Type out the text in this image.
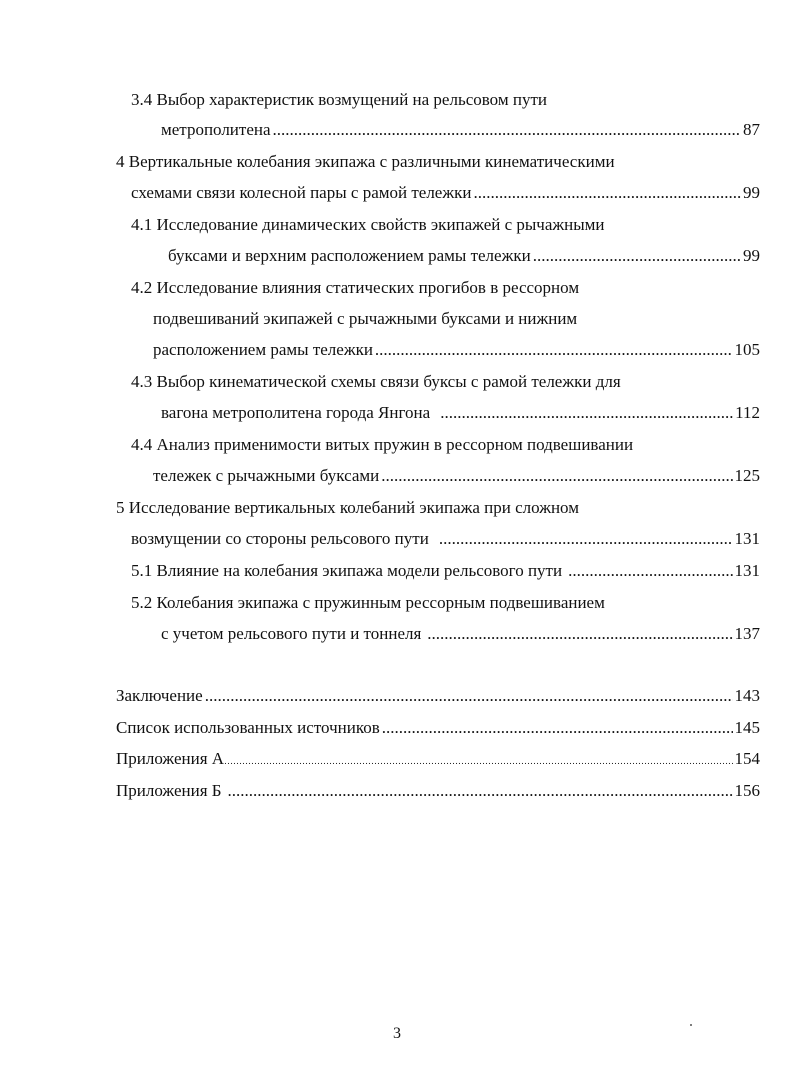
3.4 Выбор характеристик возмущений на рельсовом пути
метрополитена .....	87
4 Вертикальные колебания экипажа с различными кинематическими
схемами связи колесной пары с рамой тележки .....	99
4.1 Исследование динамических свойств экипажей с рычажными
буксами и верхним расположением рамы тележки .....	99
4.2 Исследование влияния статических прогибов в рессорном
подвешиваний экипажей с рычажными буксами и нижним
расположением рамы тележки .....	105
4.3 Выбор кинематической схемы связи буксы с рамой тележки для
вагона метрополитена города Янгона .....	112
4.4 Анализ применимости витых пружин в рессорном подвешивании
тележек с рычажными буксами .....	125
5 Исследование вертикальных колебаний экипажа при сложном
возмущении со стороны рельсового пути .....	131
5.1 Влияние на колебания экипажа модели рельсового пути .....	131
5.2 Колебания экипажа с пружинным рессорным подвешиванием
с учетом рельсового пути и тоннеля .....	137
Заключение .....	143
Список использованных источников .....	145
Приложения А …………………………………………………………………………………………………………………………………………………………………………………………………………………………………………	154
Приложения Б .....	156
3
